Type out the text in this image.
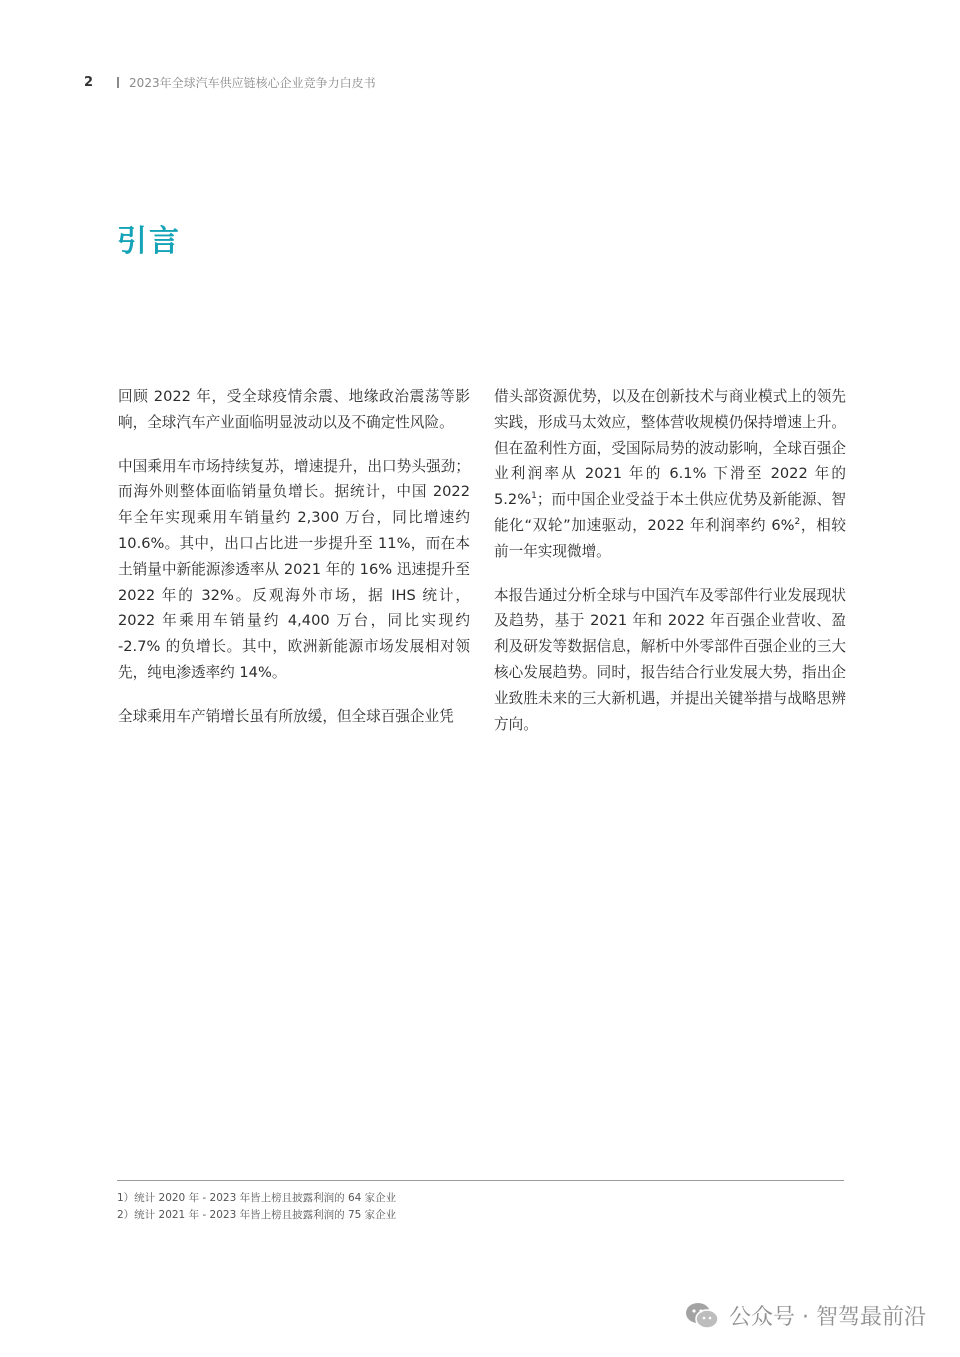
2	2023年全球汽车供应链核心企业竞争力白皮书
引言

回顾 2022 年，受全球疫情余震、地缘政治震荡等影响，全球汽车产业面临明显波动以及不确定性风险。

中国乘用车市场持续复苏，增速提升，出口势头强劲；而海外则整体面临销量负增长。据统计，中国 2022 年全年实现乘用车销量约 2,300 万台，同比增速约 10.6%。其中，出口占比进一步提升至 11%，而在本土销量中新能源渗透率从 2021 年的 16% 迅速提升至 2022 年的 32%。反观海外市场，据 IHS 统计，2022 年乘用车销量约 4,400 万台，同比实现约 -2.7% 的负增长。其中，欧洲新能源市场发展相对领先，纯电渗透率约 14%。

全球乘用车产销增长虽有所放缓，但全球百强企业凭

借头部资源优势，以及在创新技术与商业模式上的领先实践，形成马太效应，整体营收规模仍保持增速上升。但在盈利性方面，受国际局势的波动影响，全球百强企业利润率从 2021 年的 6.1% 下滑至 2022 年的 5.2%$^1$；而中国企业受益于本土供应优势及新能源、智能化“双轮”加速驱动，2022 年利润率约 6%$^2$，相较前一年实现微增。

本报告通过分析全球与中国汽车及零部件行业发展现状及趋势，基于 2021 年和 2022 年百强企业营收、盈利及研发等数据信息，解析中外零部件百强企业的三大核心发展趋势。同时，报告结合行业发展大势，指出企业致胜未来的三大新机遇，并提出关键举措与战略思辨方向。

1）统计 2020 年 - 2023 年皆上榜且披露利润的 64 家企业
2）统计 2021 年 - 2023 年皆上榜且披露利润的 75 家企业
公众号 · 智驾最前沿
